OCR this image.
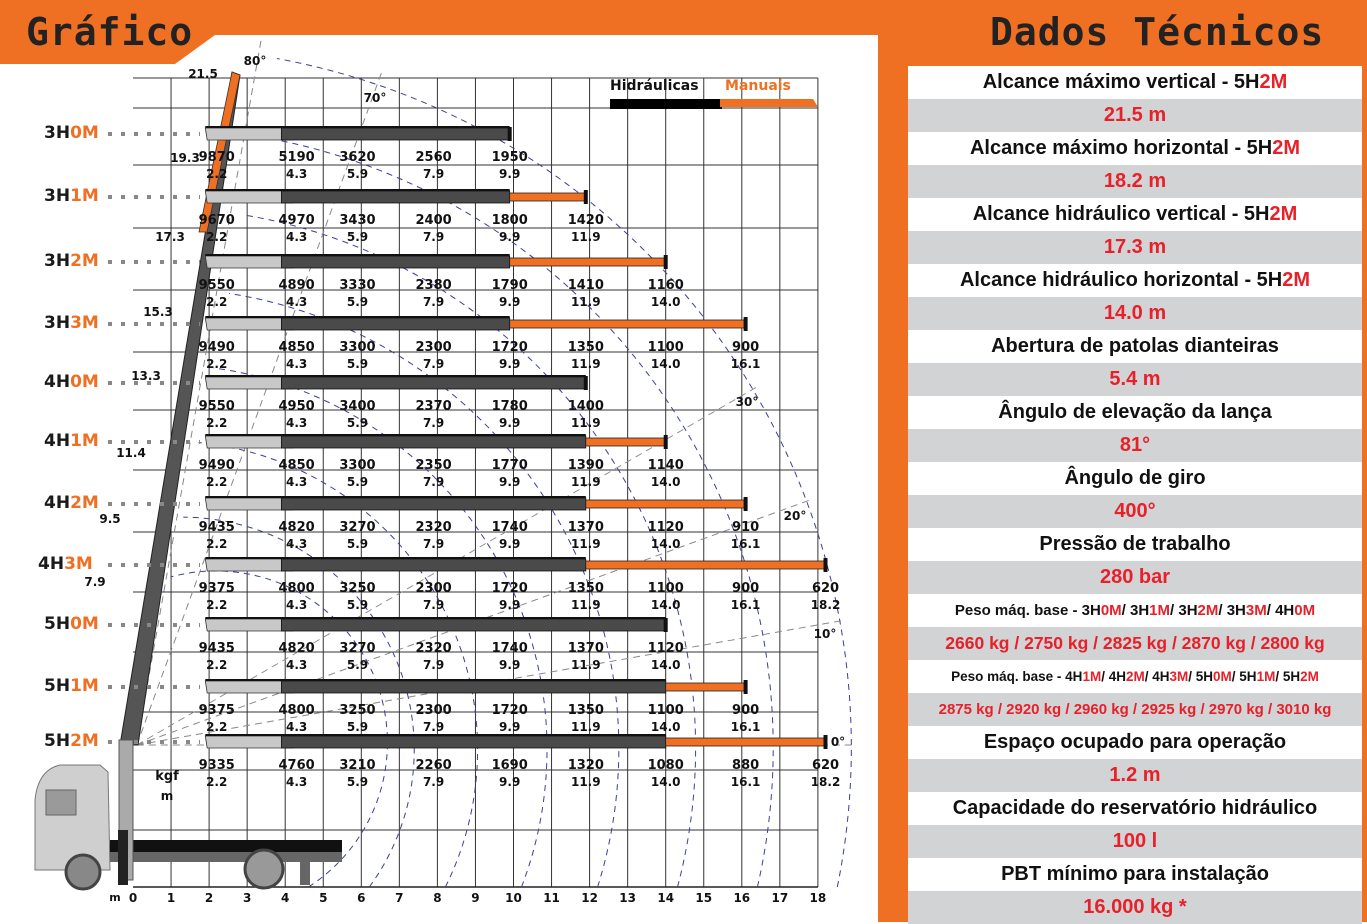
Gráfico	Dados Técnicos
80°
70°
30°
20°
10°
0°
21.5
19.3
17.3
15.3
13.3
11.4
9.5
7.9
9870
2.2
5190
4.3
3620
5.9
2560
7.9
1950
9.9
9670
2.2
4970
4.3
3430
5.9
2400
7.9
1800
9.9
1420
11.9
9550
2.2
4890
4.3
3330
5.9
2380
7.9
1790
9.9
1410
11.9
1160
14.0
9490
2.2
4850
4.3
3300
5.9
2300
7.9
1720
9.9
1350
11.9
1100
14.0
900
16.1
9550
2.2
4950
4.3
3400
5.9
2370
7.9
1780
9.9
1400
11.9
9490
2.2
4850
4.3
3300
5.9
2350
7.9
1770
9.9
1390
11.9
1140
14.0
9435
2.2
4820
4.3
3270
5.9
2320
7.9
1740
9.9
1370
11.9
1120
14.0
910
16.1
9375
2.2
4800
4.3
3250
5.9
2300
7.9
1720
9.9
1350
11.9
1100
14.0
900
16.1
620
18.2
9435
2.2
4820
4.3
3270
5.9
2320
7.9
1740
9.9
1370
11.9
1120
14.0
9375
2.2
4800
4.3
3250
5.9
2300
7.9
1720
9.9
1350
11.9
1100
14.0
900
16.1
9335
2.2
4760
4.3
3210
5.9
2260
7.9
1690
9.9
1320
11.9
1080
14.0
880
16.1
620
18.2
kgf
m
m 0 1 2 3 4 5 6 7 8 9 10 11 12 13 14 15 16 17 18
Hidráulicas Manuais
3H0M
3H1M
3H2M
3H3M
4H0M
4H1M
4H2M
4H3M
5H0M
5H1M
5H2M
Alcance máximo vertical - 5H 2M
21.5 m
Alcance máximo horizontal - 5H 2M
18.2 m
Alcance hidráulico vertical - 5H 2M
17.3 m
Alcance hidráulico horizontal - 5H 2M
14.0 m
Abertura de patolas dianteiras
5.4 m
Ângulo de elevação da lança
81°
Ângulo de giro
400°
Pressão de trabalho
280 bar
Peso máq. base - 3H 0M / 3H 1M / 3H 2M / 3H 3M / 4H 0M
2660 kg / 2750 kg / 2825 kg / 2870 kg / 2800 kg
Peso máq. base - 4H 1M / 4H 2M / 4H 3M / 5H 0M / 5H 1M / 5H 2M
2875 kg / 2920 kg / 2960 kg / 2925 kg / 2970 kg / 3010 kg
Espaço ocupado para operação
1.2 m
Capacidade do reservatório hidráulico
100 l
PBT mínimo para instalação
16.000 kg *
